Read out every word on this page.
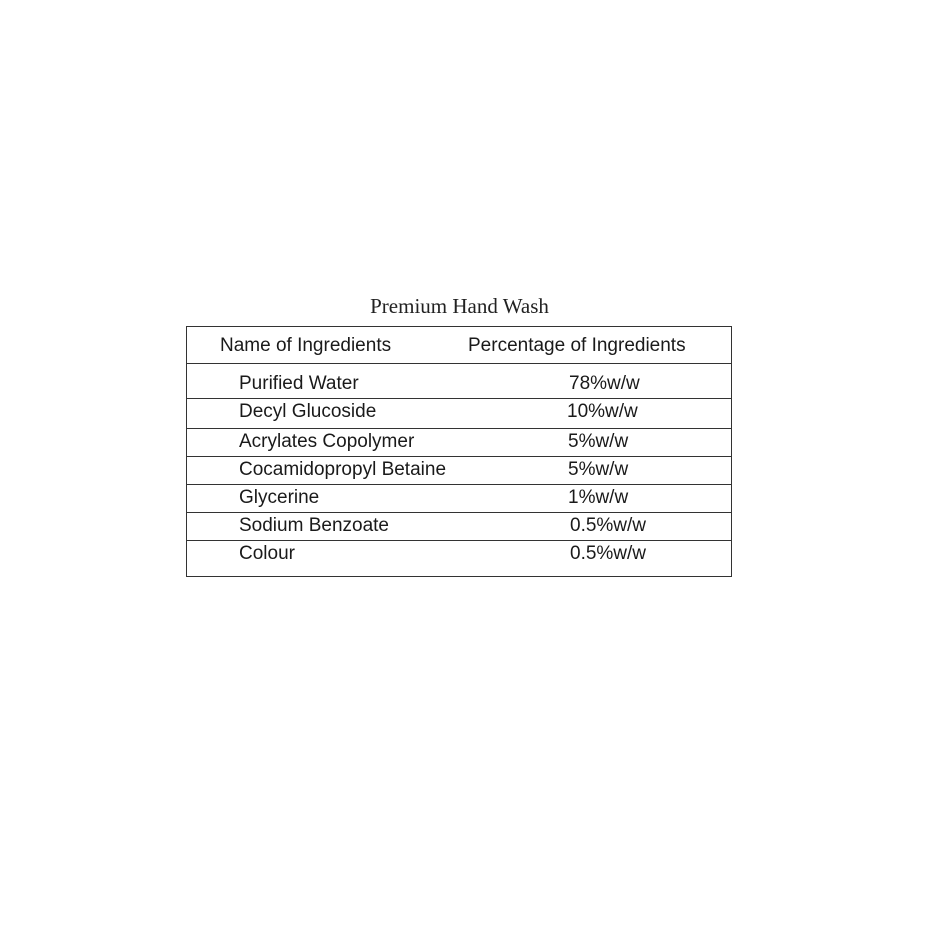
Premium Hand Wash
Name of Ingredients	Percentage of Ingredients
Purified Water	78%w/w
Decyl Glucoside	10%w/w
Acrylates Copolymer	5%w/w
Cocamidopropyl Betaine	5%w/w
Glycerine	1%w/w
Sodium Benzoate	0.5%w/w
Colour	0.5%w/w
